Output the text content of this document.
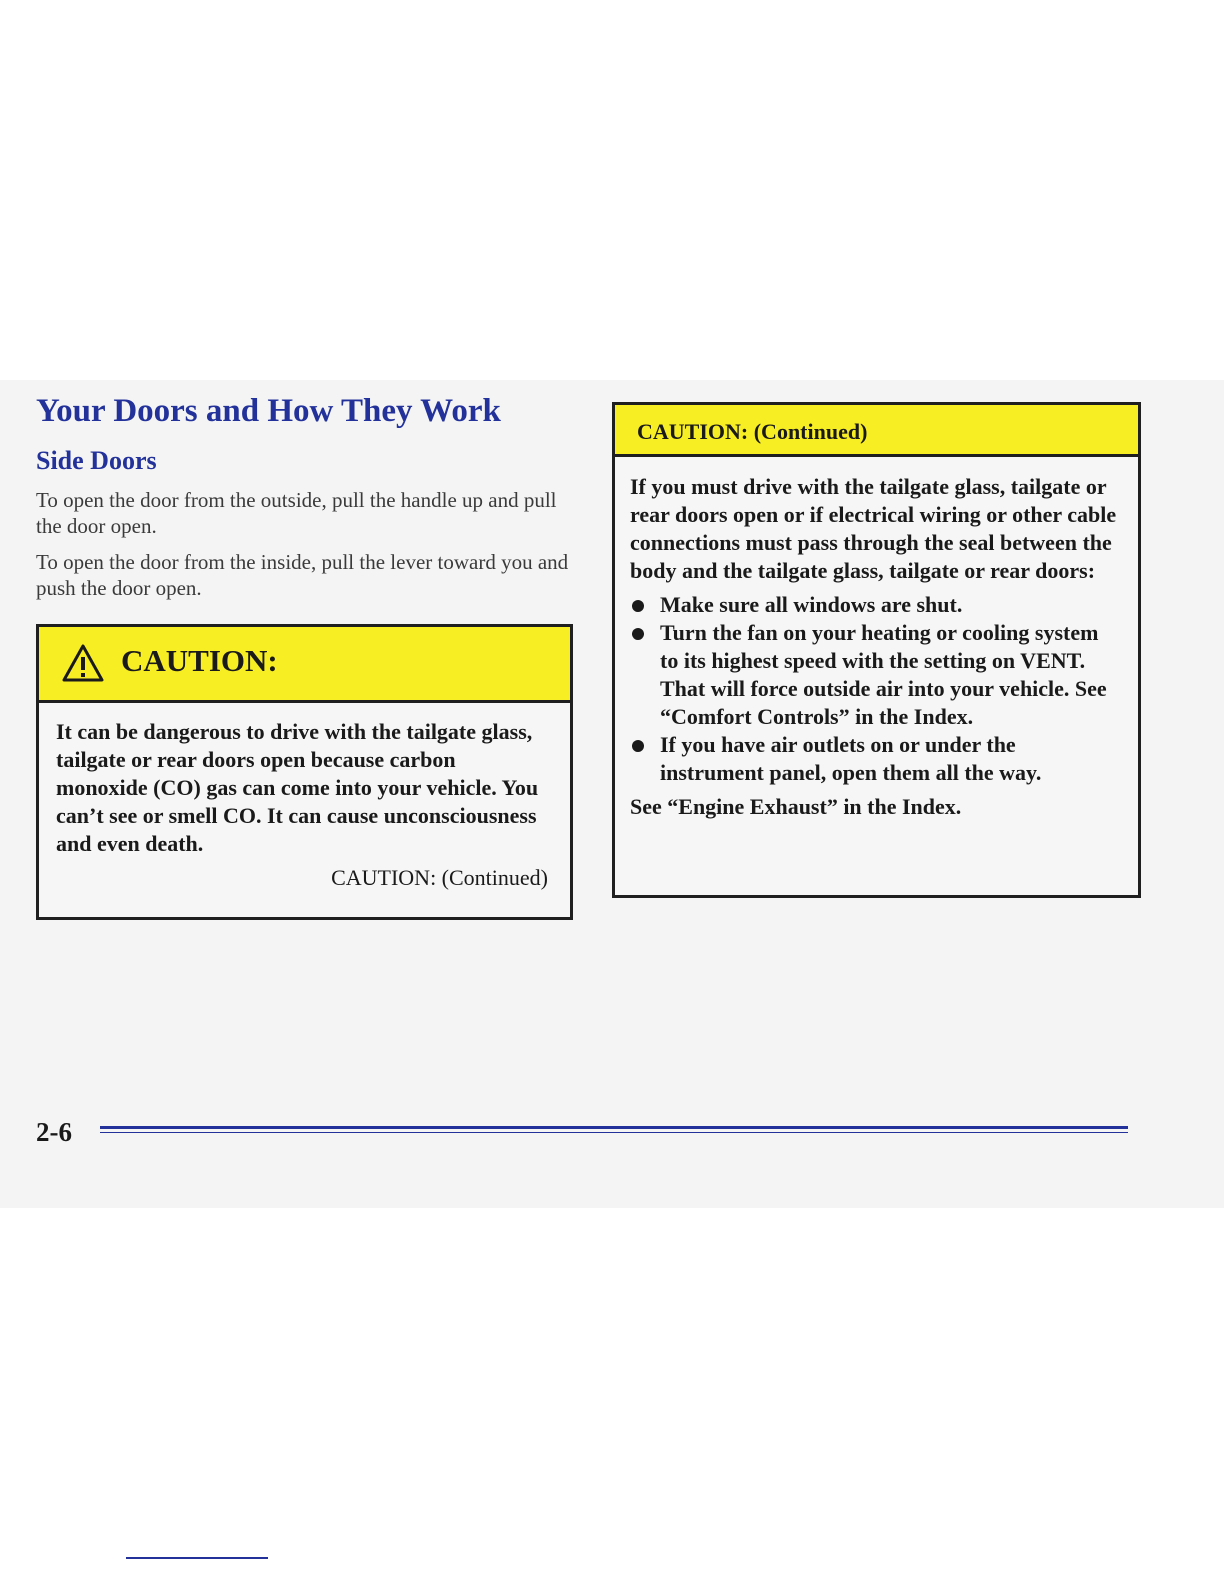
Your Doors and How They Work
Side Doors

To open the door from the outside, pull the handle up and pull the door open.

To open the door from the inside, pull the lever toward you and push the door open.

CAUTION:

It can be dangerous to drive with the tailgate glass, tailgate or rear doors open because carbon monoxide (CO) gas can come into your vehicle. You can’t see or smell CO. It can cause unconsciousness and even death.

CAUTION: (Continued)
CAUTION: (Continued)

If you must drive with the tailgate glass, tailgate or rear doors open or if electrical wiring or other cable connections must pass through the seal between the body and the tailgate glass, tailgate or rear doors:

Make sure all windows are shut.
Turn the fan on your heating or cooling system to its highest speed with the setting on VENT. That will force outside air into your vehicle. See “Comfort Controls” in the Index.
If you have air outlets on or under the instrument panel, open them all the way.

See “Engine Exhaust” in the Index.

2-6
